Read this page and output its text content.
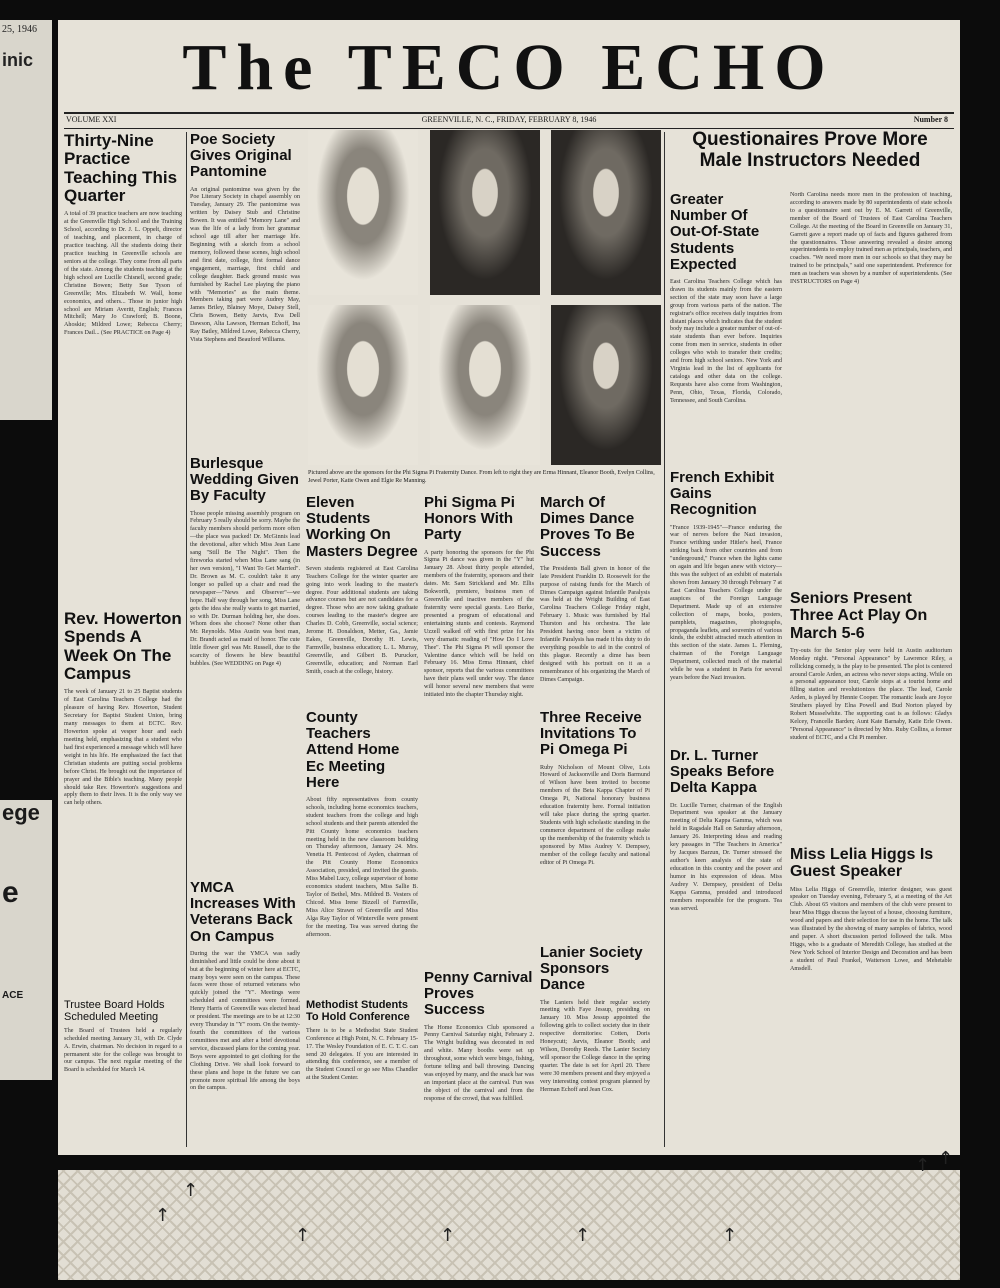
25, 1946
inic
ege
e
ACE
The TECO ECHO
VOLUME XXI	GREENVILLE, N. C., FRIDAY, FEBRUARY 8, 1946	Number 8
Thirty-Nine Practice Teaching This Quarter
A total of 39 practice teachers are now teaching at the Greenville High School and the Training School, according to Dr. J. L. Oppelt, director of teaching, and placement, in charge of practice teaching. All the students doing their practice teaching in Greenville schools are seniors at the college. They come from all parts of the state. Among the students teaching at the high school are Lucille Chisnell, second grade; Christine Bowen; Betty Sue Tyson of Greenville; Mrs. Elizabeth W. Wall, home economics, and others... Those in junior high school are Miriam Averitt, English; Frances Mitchell; Mary Jo Crawford; B. Boone, Ahoskie; Mildred Lowe; Rebecca Cherry; Frances Dail... (See PRACTICE on Page 4)
Rev. Howerton Spends A Week On The Campus
The week of January 21 to 25 Baptist students of East Carolina Teachers College had the pleasure of having Rev. Howerton, Student Secretary for Baptist Student Union, bring many messages to them at ECTC. Rev. Howerton spoke at vesper hour and each meeting held, emphasizing that a student who had first experienced a message which will have weight in his life. He emphasized the fact that Christian students are putting social problems before Christ. He brought out the importance of prayer and the Bible's teaching. Many people should take Rev. Howerton's suggestions and apply them to their lives. It is the only way we can help others.
Trustee Board Holds Scheduled Meeting
The Board of Trustees held a regularly scheduled meeting January 31, with Dr. Clyde A. Erwin, chairman. No decision in regard to a permanent site for the college was brought to our campus. The next regular meeting of the Board is scheduled for March 14.
Poe Society Gives Original Pantomine
An original pantomime was given by the Poe Literary Society in chapel assembly on Tuesday, January 29. The pantomime was written by Daisey Stub and Christine Bowen. It was entitled "Memory Lane" and was the life of a lady from her grammar school age till after her marriage life. Beginning with a sketch from a school memory, followed these scenes, high school and first date, college, first formal dance engagement, marriage, first child and college daughter. Back ground music was furnished by Rachel Lee playing the piano with "Memories" as the main theme. Members taking part were Audrey May, James Briley, Blainey Moye, Daisey Stell, Chris Bowen, Betty Jarvis, Eva Dell Dawson, Alta Lawson, Herman Echoff, Ina Ray Batley, Mildred Lowe, Rebecca Cherry, Vista Stephens and Beauford Williams.
Burlesque Wedding Given By Faculty
Those people missing assembly program on February 5 really should be sorry. Maybe the faculty members should perform more often—the place was packed! Dr. McGinnis lead the devotional, after which Miss Jean Lane sang "Still Be The Night". Then the fireworks started when Miss Lane sang (in her own version), "I Want To Get Married". Dr. Brown as M. C. couldn't take it any longer so pulled up a chair and read the newspaper—"News and Observer"—we hope. Half way through her song, Miss Lane gets the idea she really wants to get married, so with Dr. Durman holding her, she does. Whom does she choose? None other than Mr. Reynolds. Miss Austin was best man, Dr. Brandt acted as maid of honor. The cute little flower girl was Mr. Russell, due to the scarcity of flowers he blew beautiful bubbles. (See WEDDING on Page 4)
YMCA Increases With Veterans Back On Campus
During the war the YMCA was sadly diminished and little could be done about it but at the beginning of winter here at ECTC, many boys were seen on the campus. These faces were those of returned veterans who quickly joined the "Y". Meetings were scheduled and committees were formed. Henry Harris of Greenville was elected head or president. The meetings are to be at 12:30 every Thursday in "Y" room. On the twenty-fourth the committees of the various committees met and after a brief devotional service, discussed plans for the coming year. Boys were appointed to get clothing for the Clothing Drive. We shall look forward to these plans and hope in the future we can promote more spiritual life among the boys on the campus.
Pictured above are the sponsors for the Phi Sigma Pi Fraternity Dance. From left to right they are Erma Hinnant, Eleanor Booth, Evelyn Collins, Jewel Porter, Katie Owen and Elgie Re Manning.
Eleven Students Working On Masters Degree
Seven students registered at East Carolina Teachers College for the winter quarter are going into work leading to the master's degree. Four additional students are taking advance courses but are not candidates for a degree. Those who are now taking graduate courses leading to the master's degree are Charles D. Cobb, Greenville, social science; Jerome H. Donaldson, Metter, Ga., Jamie Eakes, Greenville, Dorothy H. Lewis, Farmville, business education; L. L. Murray, Greenville, and Gilbert B. Purucker, Greenville, education; and Norman Earl Smith, coach at the college, history.
County Teachers Attend Home Ec Meeting Here
About fifty representatives from county schools, including home economics teachers, student teachers from the college and high school students and their parents attended the Pitt County home economics teachers meeting held in the new classroom building on Thursday afternoon, January 24. Mrs. Venetia H. Pentecost of Ayden, chairman of the Pitt County Home Economics Association, presided, and invited the guests. Miss Mabel Lucy, college supervisor of home economics student teachers, Miss Sallie B. Taylor of Bethel, Mrs. Mildred B. Vesters of Chicod. Miss Irene Bizzell of Farmville, Miss Alice Strawn of Greenville and Miss Alga Ray Taylor of Winterville were present for the meeting. Tea was served during the afternoon.
Methodist Students To Hold Conference
There is to be a Methodist State Student Conference at High Point, N. C. February 15-17. The Wesley Foundation of E. C. T. C. can send 20 delegates. If you are interested in attending this conference, see a member of the Student Council or go see Miss Chandler at the Student Center.
Phi Sigma Pi Honors With Party
A party honoring the sponsors for the Phi Sigma Pi dance was given in the "Y" hut January 28. About thirty people attended, members of the fraternity, sponsors and their dates. Mr. Sam Strickland and Mr. Ellis Bokworth, premiere, business men of Greenville and inactive members of the fraternity were special guests. Leo Burke, presented a program of educational and entertaining stunts and contests. Raymond Uzzell walked off with first prize for his very dramatic reading of "How Do I Love Thee". The Phi Sigma Pi will sponsor the Valentine dance which will be held on February 16. Miss Erma Hinnant, chief sponsor, reports that the various committees have their plans well under way. The dance will honor several new members that were initiated into the chapter Thursday night.
Penny Carnival Proves Success
The Home Economics Club sponsored a Penny Carnival Saturday night, February 2. The Wright building was decorated in red and white. Many booths were set up throughout, some which were bingo, fishing, fortune telling and ball throwing. Dancing was enjoyed by many, and the snack bar was an important place at the carnival. Fun was the object of the carnival and from the response of the crowd, that was fulfilled.
March Of Dimes Dance Proves To Be Success
The Presidents Ball given in honor of the late President Franklin D. Roosevelt for the purpose of raising funds for the March of Dimes Campaign against Infantile Paralysis was held at the Wright Building of East Carolina Teachers College Friday night, February 1. Music was furnished by Hal Thurston and his orchestra. The late President having once been a victim of Infantile Paralysis has made it his duty to do everything possible to aid in the control of this plague. Recently a dime has been designed with his portrait on it as a remembrance of his organizing the March of Dimes Campaign.
Three Receive Invitations To Pi Omega Pi
Ruby Nicholson of Mount Olive, Lois Howard of Jacksonville and Doris Barmund of Wilson have been invited to become members of the Beta Kappa Chapter of Pi Omega Pi, National honorary business education fraternity here. Formal initiation will take place during the spring quarter. Students with high scholastic standing in the commerce department of the college make up the membership of the fraternity which is sponsored by Miss Audrey V. Dempsey, member of the college faculty and national editor of Pi Omega Pi.
Lanier Society Sponsors Dance
The Laniers held their regular society meeting with Faye Jessup, presiding on January 10. Miss Jessup appointed the following girls to collect society due in their respective dormitories: Cotten, Doris Honeycutt; Jarvis, Eleanor Booth; and Wilson, Dorothy Reeds. The Lanier Society will sponsor the College dance in the spring quarter. The date is set for April 20. There were 30 members present and they enjoyed a very interesting contest program planned by Herman Echoff and Jean Cox.
Questionaires Prove More Male Instructors Needed
Greater Number Of Out-Of-State Students Expected
East Carolina Teachers College which has drawn its students mainly from the eastern section of the state may soon have a large group from various parts of the nation. The registrar's office receives daily inquiries from distant places which indicates that the student body may include a greater number of out-of-state students than ever before. Inquiries come from men in service, students in other colleges who wish to transfer their credits; and from high school seniors. New York and Virginia lead in the list of applicants for catalogs and other data on the college. Requests have also come from Washington, Penn, Ohio, Texas, Florida, Colorado, Tennessee, and South Carolina.
French Exhibit Gains Recognition
"France 1939-1945"—France enduring the war of nerves before the Nazi invasion, France writhing under Hitler's heel, France striking back from other countries and from "underground," France when the lights came on again and life began anew with victory—this was the subject of an exhibit of materials shown from January 30 through February 7 at East Carolina Teachers College under the auspices of the Foreign Language Department. Made up of an extensive collection of maps, books, posters, pamphlets, magazines, photographs, propaganda leaflets, and souvenirs of various kinds, the exhibit attracted much attention in this section of the state. James L. Fleming, chairman of the Foreign Language Department, collected much of the material while he was a student in Paris for several years before the Nazi invasion.
Dr. L. Turner Speaks Before Delta Kappa
Dr. Lucille Turner, chairman of the English Department was speaker at the January meeting of Delta Kappa Gamma, which was held in Ragsdale Hall on Saturday afternoon, January 26. Interpreting ideas and reading key passages in "The Teachers in America" by Jacques Barzun, Dr. Turner stressed the author's keen analysis of the state of education in this country and the power and humor in his expression of ideas. Miss Audrey V. Dempsey, president of Delta Kappa Gamma, presided and introduced members responsible for the program. Tea was served.
North Carolina needs more men in the profession of teaching, according to answers made by 80 superintendents of state schools to a questionnaire sent out by E. M. Garrett of Greenville, member of the Board of Trustees of East Carolina Teachers College. At the meeting of the Board in Greenville on January 31, Garrett gave a report made up of facts and figures gathered from the questionnaires. Those answering revealed a desire among superintendents to employ trained men as principals, teachers, and coaches. "We need more men in our schools so that they may be trained to be principals," said one superintendent. Preference for men as teachers was shown by a number of superintendents. (See INSTRUCTORS on Page 4)
Seniors Present Three Act Play On March 5-6
Try-outs for the Senior play were held in Austin auditorium Monday night. "Personal Appearance" by Lawrence Riley, a rollicking comedy, is the play to be presented. The plot is centered around Carole Arden, an actress who never stops acting. While on a personal appearance tour, Carole stops at a tourist home and filling station and revolutionizes the place. The lead, Carole Arden, is played by Hennie Cooper. The romantic leads are Joyce Struthers played by Elna Powell and Bud Norton played by Robert Musselwhite. The supporting cast is as follows: Gladys Kelcey, Francelle Barden; Aunt Kate Barnaby, Katie Erle Owen. "Personal Appearance" is directed by Mrs. Ruby Collins, a former student of ECTC, and a Chi Pi member.
Miss Lelia Higgs Is Guest Speaker
Miss Lelia Higgs of Greenville, interior designer, was guest speaker on Tuesday evening, February 5, at a meeting of the Art Club. About 65 visitors and members of the club were present to hear Miss Higgs discuss the layout of a house, choosing furniture, wood and papers and their selection for use in the home. The talk was illustrated by the showing of many samples of fabrics, wood and paper. A short discussion period followed the talk. Miss Higgs, who is a graduate of Meredith College, has studied at the New York School of Interior Design and Decoration and has been a student of Paul Frankel, Watterson Lowe, and Mehetable Amsdell.
↑
↑
↑	↑	↑	↑
↑ ↑
